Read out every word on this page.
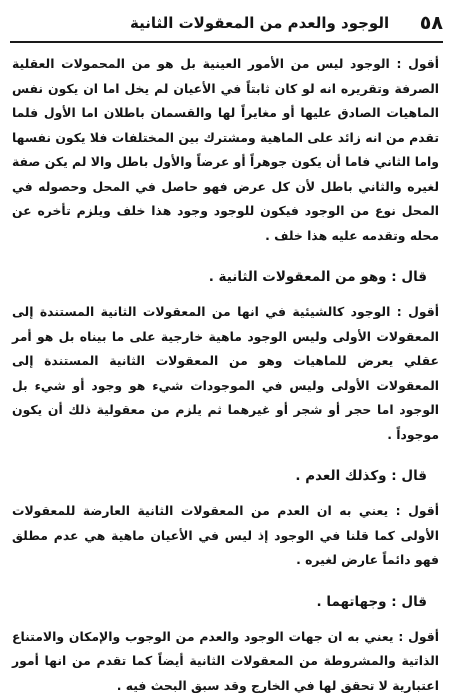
٥٨
الوجود والعدم من المعقولات الثانية

أقول : الوجود ليس من الأمور العينية بل هو من المحمولات العقلية الصرفة وتقريره انه لو كان ثابتاً في الأعيان لم يخل اما ان يكون نفس الماهيات الصادق عليها أو مغايراً لها والقسمان باطلان اما الأول فلما تقدم من انه زائد على الماهية ومشترك بين المختلفات فلا يكون نفسها واما الثاني فاما أن يكون جوهراً أو عرضاً والأول باطل والا لم يكن صفة لغيره والثاني باطل لأن كل عرض فهو حاصل في المحل وحصوله في المحل نوع من الوجود فيكون للوجود وجود هذا خلف ويلزم تأخره عن محله وتقدمه عليه هذا خلف .

قال : وهو من المعقولات الثانية .

أقول : الوجود كالشيئية في انها من المعقولات الثانية المستندة إلى المعقولات الأولى وليس الوجود ماهية خارجية على ما بيناه بل هو أمر عقلي يعرض للماهيات وهو من المعقولات الثانية المستندة إلى المعقولات الأولى وليس في الموجودات شيء هو وجود أو شيء بل الوجود اما حجر أو شجر أو غيرهما ثم يلزم من معقولية ذلك أن يكون موجوداً .

قال : وكذلك العدم .

أقول : يعني به ان العدم من المعقولات الثانية العارضة للمعقولات الأولى كما قلنا في الوجود إذ ليس في الأعيان ماهية هي عدم مطلق فهو دائماً عارض لغيره .

قال : وجهاتهما .

أقول : يعني به ان جهات الوجود والعدم من الوجوب والإمكان والامتناع الذاتية والمشروطة من المعقولات الثانية أيضاً كما تقدم من انها أمور اعتبارية لا تحقق لها في الخارج وقد سبق البحث فيه .
